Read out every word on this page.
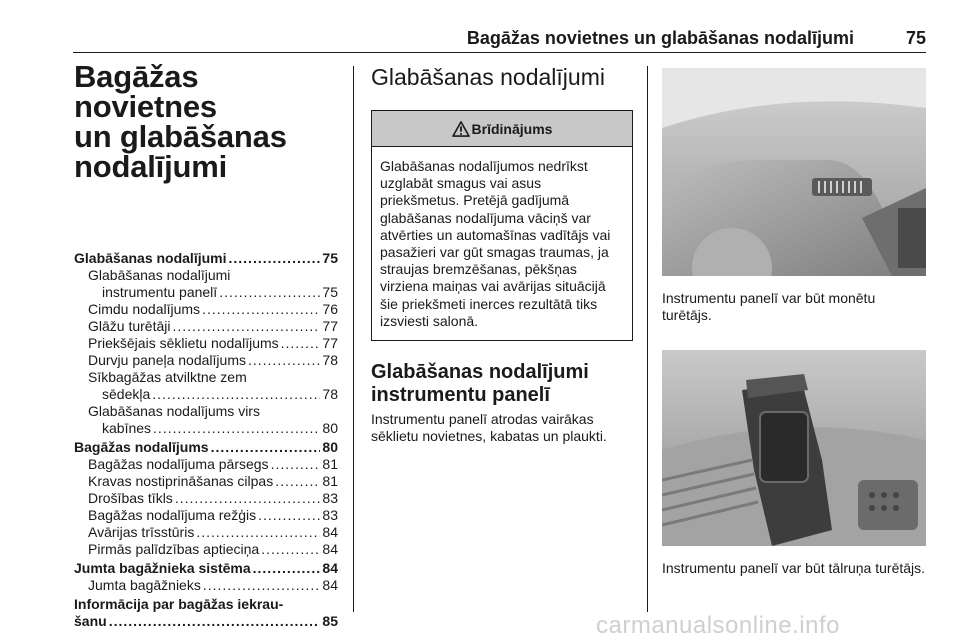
Bagāžas novietnes un glabāšanas nodalījumi	75
Bagāžas novietnes
un glabāšanas
nodalījumi
Glabāšanas nodalījumi .....	75
Glabāšanas nodalījumi
instrumentu panelī .....	75
Cimdu nodalījums .....	76
Glāžu turētāji .....	77
Priekšējais sēklietu nodalījums .....	77
Durvju paneļa nodalījums .....	78
Sīkbagāžas atvilktne zem
sēdekļa .....	78
Glabāšanas nodalījums virs
kabīnes .....	80
Bagāžas nodalījums .....	80
Bagāžas nodalījuma pārsegs .....	81
Kravas nostiprināšanas cilpas .....	81
Drošības tīkls .....	83
Bagāžas nodalījuma režģis .....	83
Avārijas trīsstūris .....	84
Pirmās palīdzības aptieciņa .....	84
Jumta bagāžnieka sistēma .....	84
Jumta bagāžnieks .....	84
Informācija par bagāžas iekrau-
šanu .....	85
Glabāšanas nodalījumi
Brīdinājums
Glabāšanas nodalījumos nedrīkst uzglabāt smagus vai asus priekšmetus. Pretējā gadījumā glabāšanas nodalījuma vāciņš var atvērties un automašīnas vadītājs vai pasažieri var gūt smagas traumas, ja straujas bremzēšanas, pēkšņas virziena maiņas vai avārijas situācijā šie priekšmeti inerces rezultātā tiks izsviesti salonā.
Glabāšanas nodalījumi instrumentu panelī

Instrumentu panelī atrodas vairākas sēklietu novietnes, kabatas un plaukti.

Instrumentu panelī var būt monētu turētājs.

Instrumentu panelī var būt tālruņa turētājs.

carmanualsonline.info
